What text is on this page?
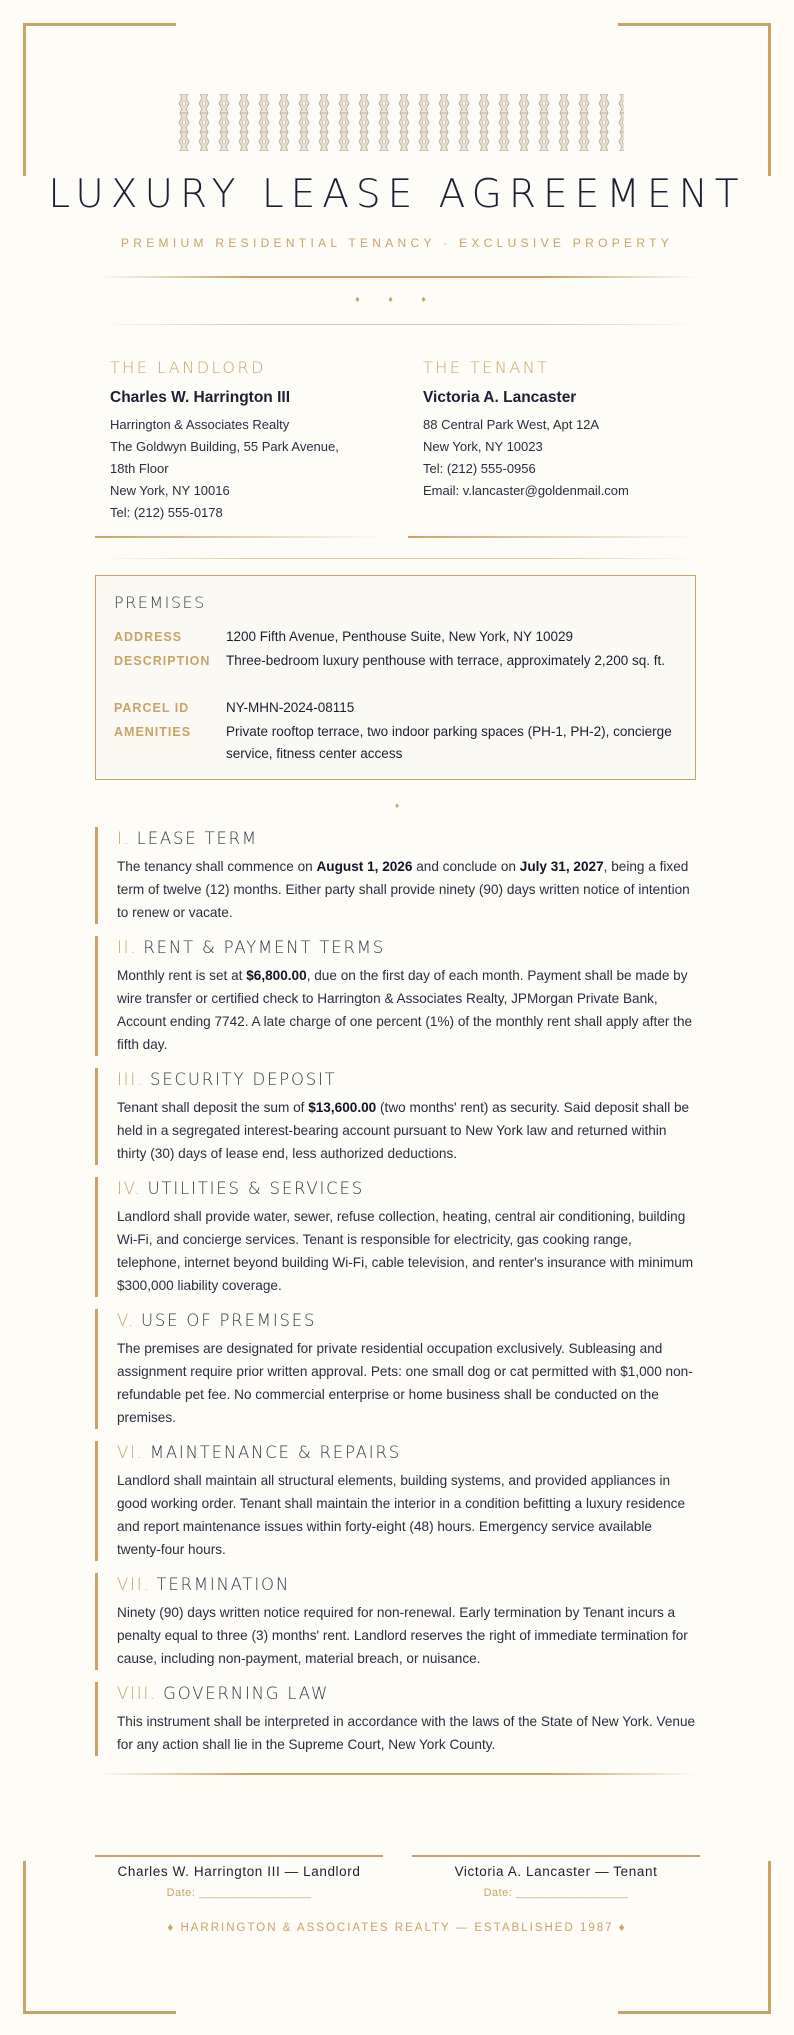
LUXURY LEASE AGREEMENT
PREMIUM RESIDENTIAL TENANCY · EXCLUSIVE PROPERTY
♦ ♦ ♦
THE LANDLORD
Charles W. Harrington III
Harrington & Associates Realty
The Goldwyn Building, 55 Park Avenue,
18th Floor
New York, NY 10016
Tel: (212) 555-0178
THE TENANT
Victoria A. Lancaster
88 Central Park West, Apt 12A
New York, NY 10023
Tel: (212) 555-0956
Email: v.lancaster@goldenmail.com
PREMISES
ADDRESS	1200 Fifth Avenue, Penthouse Suite, New York, NY 10029
DESCRIPTION	Three-bedroom luxury penthouse with terrace, approximately 2,200 sq. ft.
PARCEL ID	NY-MHN-2024-08115
AMENITIES	Private rooftop terrace, two indoor parking spaces (PH-1, PH-2), concierge service, fitness center access
♦
I. LEASE TERM

The tenancy shall commence on August 1, 2026 and conclude on July 31, 2027, being a fixed term of twelve (12) months. Either party shall provide ninety (90) days written notice of intention to renew or vacate.

II. RENT & PAYMENT TERMS

Monthly rent is set at $6,800.00, due on the first day of each month. Payment shall be made by wire transfer or certified check to Harrington & Associates Realty, JPMorgan Private Bank, Account ending 7742. A late charge of one percent (1%) of the monthly rent shall apply after the fifth day.

III. SECURITY DEPOSIT

Tenant shall deposit the sum of $13,600.00 (two months' rent) as security. Said deposit shall be held in a segregated interest-bearing account pursuant to New York law and returned within thirty (30) days of lease end, less authorized deductions.

IV. UTILITIES & SERVICES

Landlord shall provide water, sewer, refuse collection, heating, central air conditioning, building Wi-Fi, and concierge services. Tenant is responsible for electricity, gas cooking range, telephone, internet beyond building Wi-Fi, cable television, and renter's insurance with minimum $300,000 liability coverage.

V. USE OF PREMISES

The premises are designated for private residential occupation exclusively. Subleasing and assignment require prior written approval. Pets: one small dog or cat permitted with $1,000 non-refundable pet fee. No commercial enterprise or home business shall be conducted on the premises.

VI. MAINTENANCE & REPAIRS

Landlord shall maintain all structural elements, building systems, and provided appliances in good working order. Tenant shall maintain the interior in a condition befitting a luxury residence and report maintenance issues within forty-eight (48) hours. Emergency service available twenty-four hours.

VII. TERMINATION

Ninety (90) days written notice required for non-renewal. Early termination by Tenant incurs a penalty equal to three (3) months' rent. Landlord reserves the right of immediate termination for cause, including non-payment, material breach, or nuisance.

VIII. GOVERNING LAW

This instrument shall be interpreted in accordance with the laws of the State of New York. Venue for any action shall lie in the Supreme Court, New York County.

Charles W. Harrington III — Landlord
Date: _________________
Victoria A. Lancaster — Tenant
Date: _________________
♦ HARRINGTON & ASSOCIATES REALTY — ESTABLISHED 1987 ♦
